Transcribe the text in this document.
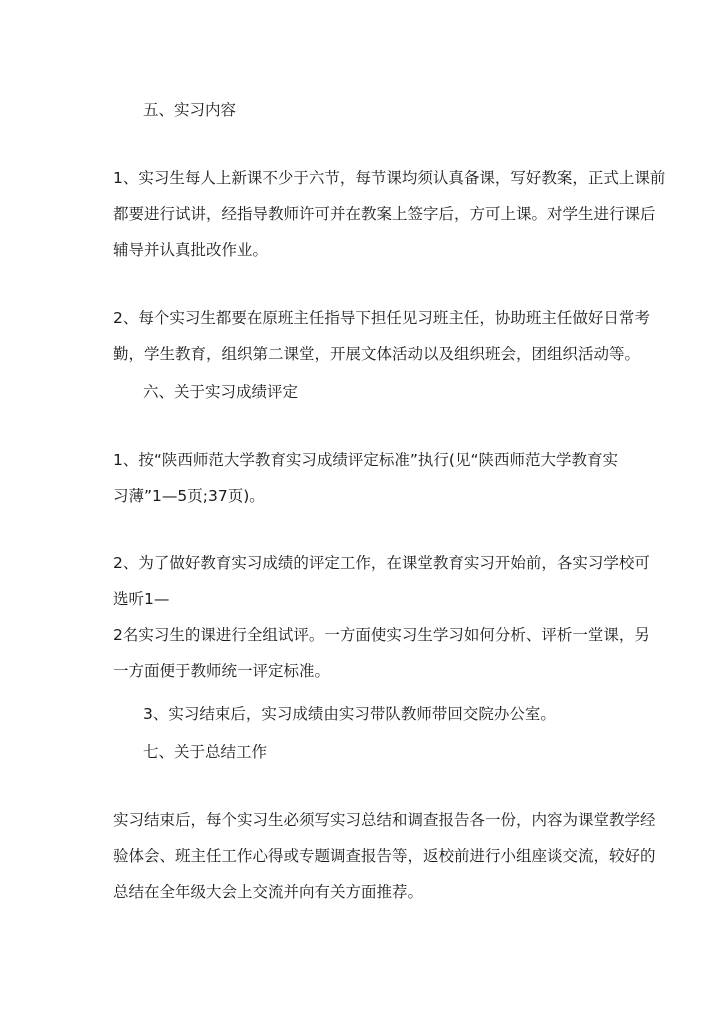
五、实习内容
1、实习生每人上新课不少于六节，每节课均须认真备课，写好教案，正式上课前
都要进行试讲，经指导教师许可并在教案上签字后，方可上课。对学生进行课后
辅导并认真批改作业。
2、每个实习生都要在原班主任指导下担任见习班主任，协助班主任做好日常考
勤，学生教育，组织第二课堂，开展文体活动以及组织班会，团组织活动等。
六、关于实习成绩评定
1、按“陕西师范大学教育实习成绩评定标准”执行(见“陕西师范大学教育实
习薄”1—5页;37页)。
2、为了做好教育实习成绩的评定工作，在课堂教育实习开始前，各实习学校可
选听1—
2名实习生的课进行全组试评。一方面使实习生学习如何分析、评析一堂课，另
一方面便于教师统一评定标准。
3、实习结束后，实习成绩由实习带队教师带回交院办公室。
七、关于总结工作
实习结束后，每个实习生必须写实习总结和调查报告各一份，内容为课堂教学经
验体会、班主任工作心得或专题调查报告等，返校前进行小组座谈交流，较好的
总结在全年级大会上交流并向有关方面推荐。
